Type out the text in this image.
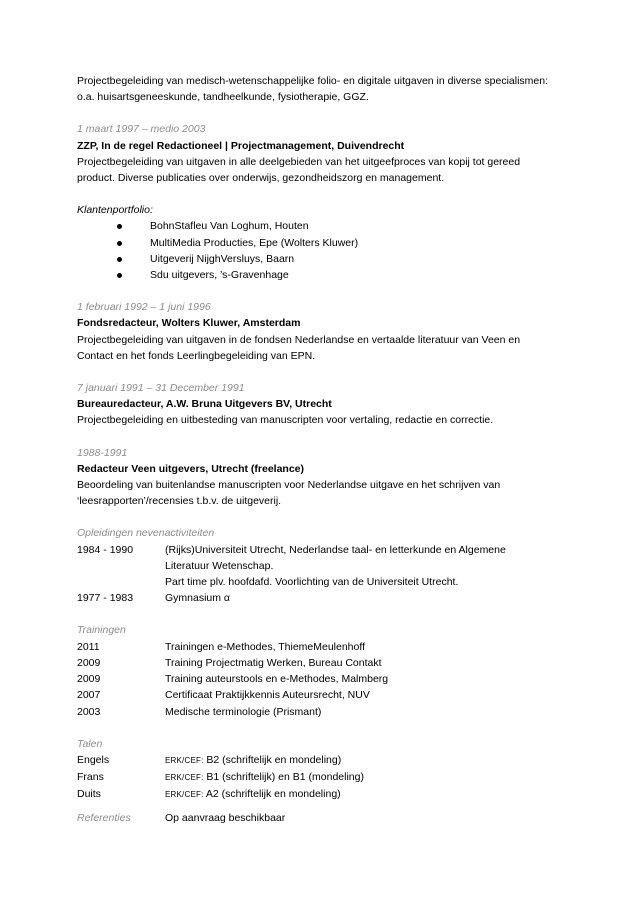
Projectbegeleiding van medisch-wetenschappelijke folio- en digitale uitgaven in diverse specialismen:

o.a. huisartsgeneeskunde, tandheelkunde, fysiotherapie, GGZ.

1 maart 1997 – medio 2003

ZZP, In de regel Redactioneel | Projectmanagement, Duivendrecht

Projectbegeleiding van uitgaven in alle deelgebieden van het uitgeefproces van kopij tot gereed

product. Diverse publicaties over onderwijs, gezondheidszorg en management.

Klantenportfolio:

BohnStafleu Van Loghum, Houten
MultiMedia Producties, Epe (Wolters Kluwer)
Uitgeverij NijghVersluys, Baarn
Sdu uitgevers, ’s-Gravenhage

1 februari 1992 – 1 juni 1996

Fondsredacteur, Wolters Kluwer, Amsterdam

Projectbegeleiding van uitgaven in de fondsen Nederlandse en vertaalde literatuur van Veen en

Contact en het fonds Leerlingbegeleiding van EPN.

7 januari 1991 – 31 December 1991

Bureauredacteur, A.W. Bruna Uitgevers BV, Utrecht

Projectbegeleiding en uitbesteding van manuscripten voor vertaling, redactie en correctie.

1988-1991

Redacteur Veen uitgevers, Utrecht (freelance)

Beoordeling van buitenlandse manuscripten voor Nederlandse uitgave en het schrijven van

‘leesrapporten’/recensies t.b.v. de uitgeverij.

Opleidingen nevenactiviteiten

1984 - 1990	(Rijks)Universiteit Utrecht, Nederlandse taal- en letterkunde en Algemene
Literatuur Wetenschap.
Part time plv. hoofdafd. Voorlichting van de Universiteit Utrecht.
1977 - 1983	Gymnasium α

Trainingen

2011	Trainingen e-Methodes, ThiemeMeulenhoff
2009	Training Projectmatig Werken, Bureau Contakt
2009	Training auteurstools en e-Methodes, Malmberg
2007	Certificaat Praktijkkennis Auteursrecht, NUV
2003	Medische terminologie (Prismant)

Talen

Engels	ERK/CEF: B2 (schriftelijk en mondeling)
Frans	ERK/CEF: B1 (schriftelijk) en B1 (mondeling)
Duits	ERK/CEF: A2 (schriftelijk en mondeling)
Referenties	Op aanvraag beschikbaar
